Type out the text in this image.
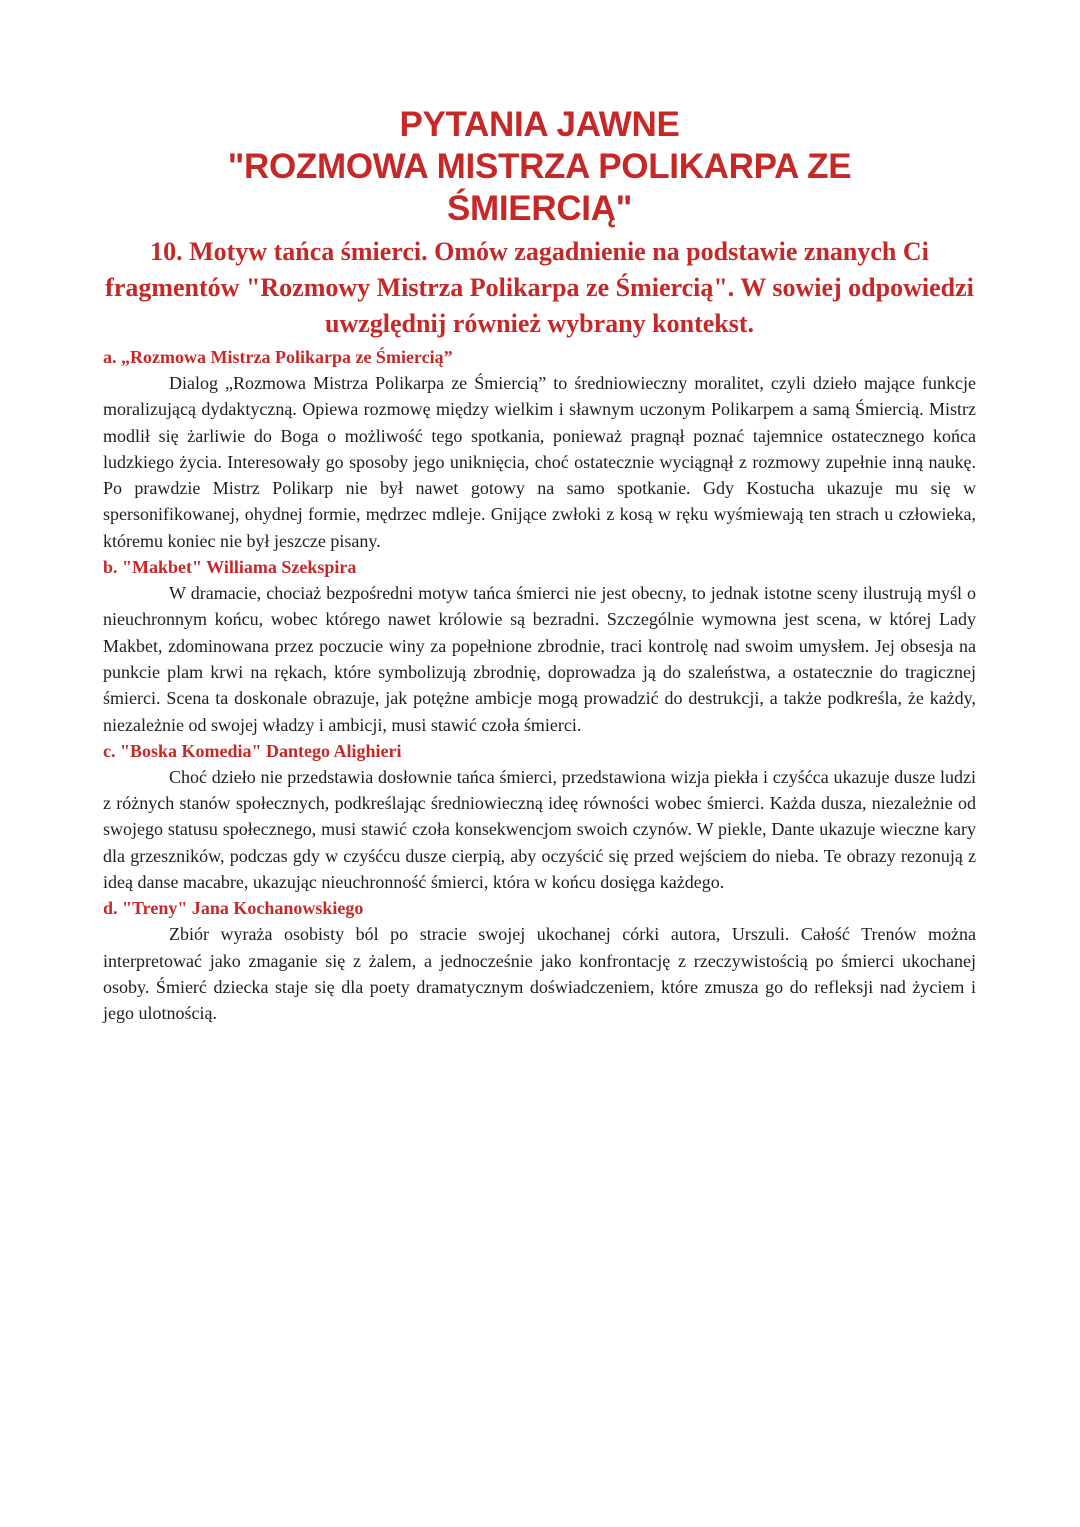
PYTANIA JAWNE
"ROZMOWA MISTRZA POLIKARPA ZE
ŚMIERCIĄ"
10. Motyw tańca śmierci. Omów zagadnienie na podstawie znanych Ci fragmentów "Rozmowy Mistrza Polikarpa ze Śmiercią". W sowiej odpowiedzi uwzględnij również wybrany kontekst.
a. „Rozmowa Mistrza Polikarpa ze Śmiercią”

Dialog „Rozmowa Mistrza Polikarpa ze Śmiercią” to średniowieczny moralitet, czyli dzieło mające funkcje moralizującą dydaktyczną. Opiewa rozmowę między wielkim i sławnym uczonym Polikarpem a samą Śmiercią. Mistrz modlił się żarliwie do Boga o możliwość tego spotkania, ponieważ pragnął poznać tajemnice ostatecznego końca ludzkiego życia. Interesowały go sposoby jego uniknięcia, choć ostatecznie wyciągnął z rozmowy zupełnie inną naukę. Po prawdzie Mistrz Polikarp nie był nawet gotowy na samo spotkanie. Gdy Kostucha ukazuje mu się w spersonifikowanej, ohydnej formie, mędrzec mdleje. Gnijące zwłoki z kosą w ręku wyśmiewają ten strach u człowieka, któremu koniec nie był jeszcze pisany.

b. "Makbet" Williama Szekspira

W dramacie, chociaż bezpośredni motyw tańca śmierci nie jest obecny, to jednak istotne sceny ilustrują myśl o nieuchronnym końcu, wobec którego nawet królowie są bezradni. Szczególnie wymowna jest scena, w której Lady Makbet, zdominowana przez poczucie winy za popełnione zbrodnie, traci kontrolę nad swoim umysłem. Jej obsesja na punkcie plam krwi na rękach, które symbolizują zbrodnię, doprowadza ją do szaleństwa, a ostatecznie do tragicznej śmierci. Scena ta doskonale obrazuje, jak potężne ambicje mogą prowadzić do destrukcji, a także podkreśla, że każdy, niezależnie od swojej władzy i ambicji, musi stawić czoła śmierci.

c. "Boska Komedia" Dantego Alighieri

Choć dzieło nie przedstawia dosłownie tańca śmierci, przedstawiona wizja piekła i czyśćca ukazuje dusze ludzi z różnych stanów społecznych, podkreślając średniowieczną ideę równości wobec śmierci. Każda dusza, niezależnie od swojego statusu społecznego, musi stawić czoła konsekwencjom swoich czynów. W piekle, Dante ukazuje wieczne kary dla grzeszników, podczas gdy w czyśćcu dusze cierpią, aby oczyścić się przed wejściem do nieba. Te obrazy rezonują z ideą danse macabre, ukazując nieuchronność śmierci, która w końcu dosięga każdego.

d. "Treny" Jana Kochanowskiego

Zbiór wyraża osobisty ból po stracie swojej ukochanej córki autora, Urszuli. Całość Trenów można interpretować jako zmaganie się z żalem, a jednocześnie jako konfrontację z rzeczywistością po śmierci ukochanej osoby. Śmierć dziecka staje się dla poety dramatycznym doświadczeniem, które zmusza go do refleksji nad życiem i jego ulotnością.
